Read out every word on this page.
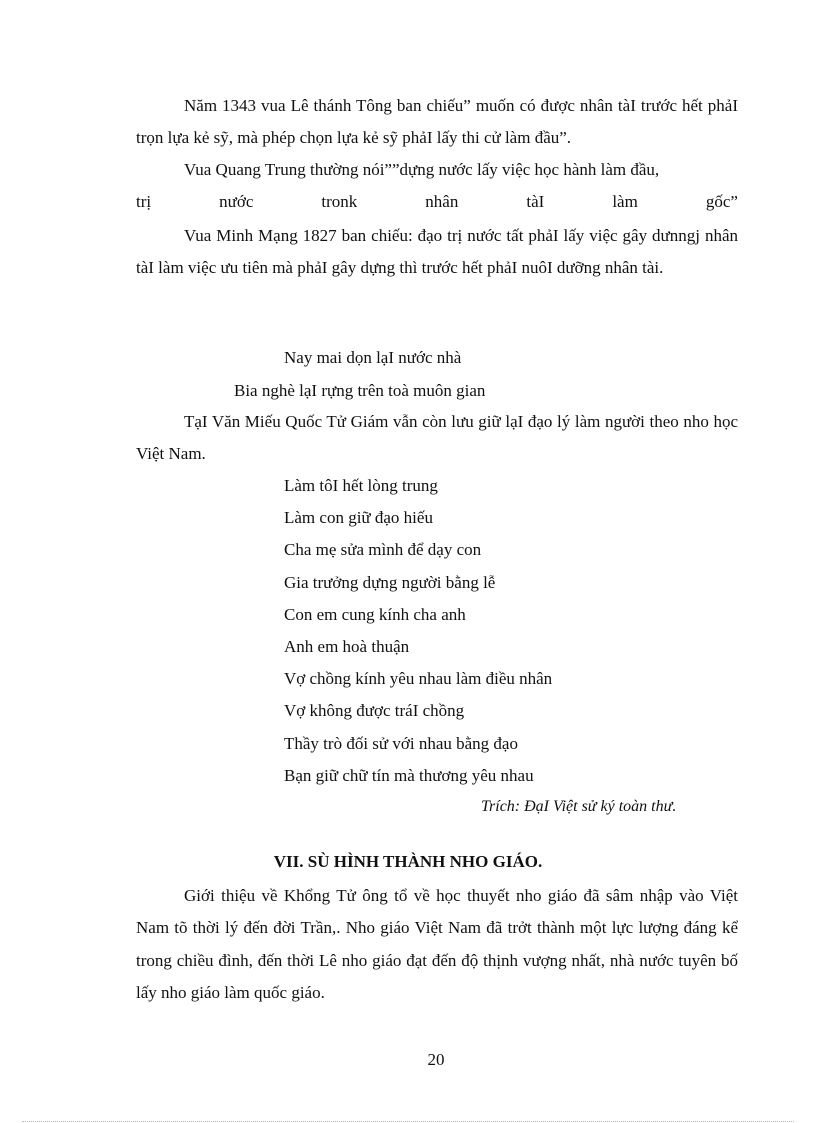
Năm 1343 vua Lê thánh Tông ban chiếu” muốn có được nhân tàI trước hết phảI trọn lựa kẻ sỹ, mà phép chọn lựa kẻ sỹ phảI lấy thi cử làm đầu”.

Vua Quang Trung thường nói””dựng nước lấy việc học hành làm đầu,
trị	nước	tronk	nhân	tàI	làm	gốc”

Vua Minh Mạng 1827 ban chiếu: đạo trị nước tất phảI lấy việc gây dưnngj nhân tàI làm việc ưu tiên mà phảI gây dựng thì trước hết phảI nuôI dưỡng nhân tài.

Nay mai dọn lạI nước nhà
Bia nghè lạI rựng trên toà muôn gian

TạI Văn Miếu Quốc Tử Giám vẫn còn lưu giữ lạI đạo lý làm người theo nho học Việt Nam.

Làm tôI hết lòng trung
Làm con giữ đạo hiếu
Cha mẹ sửa mình để dạy con
Gia trưởng dựng người bằng lễ
Con em cung kính cha anh
Anh em hoà thuận
Vợ chồng kính yêu nhau làm điều nhân
Vợ không được tráI chồng
Thầy trò đối sử với nhau bằng đạo
Bạn giữ chữ tín mà thương yêu nhau
Trích: ĐạI Việt sử ký toàn thư.
VII. SÙ HÌNH THÀNH NHO GIÁO.

Giới thiệu về Khổng Tử ông tổ về học thuyết nho giáo đã sâm nhập vào Việt Nam tõ thời lý đến đời Trần,. Nho giáo Việt Nam đã trởt thành một lực lượng đáng kể trong chiều đình, đến thời Lê nho giáo đạt đến độ thịnh vượng nhất, nhà nước tuyên bố lấy nho giáo làm quốc giáo.

20
